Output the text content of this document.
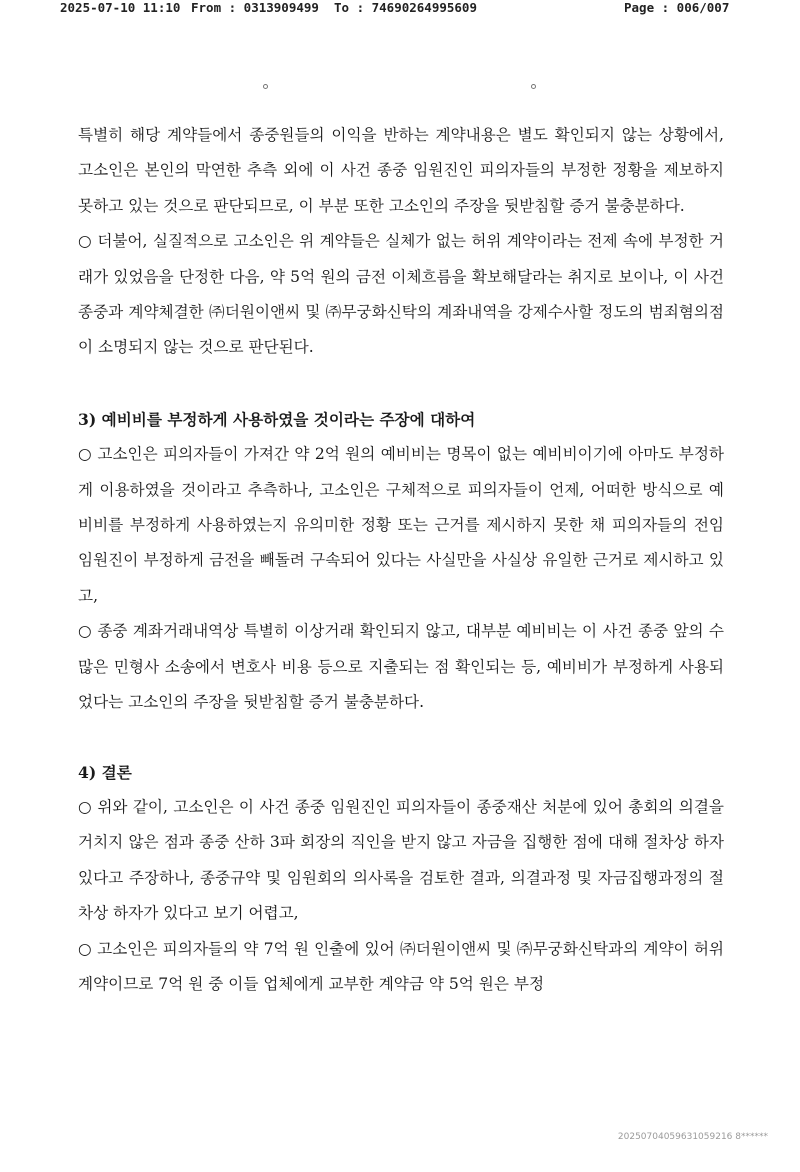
2025-07-10 11:10 From : 0313909499 To : 74690264995609	Page : 006/007

특별히 해당 계약들에서 종중원들의 이익을 반하는 계약내용은 별도 확인되지 않는 상황에서, 고소인은 본인의 막연한 추측 외에 이 사건 종중 임원진인 피의자들의 부정한 정황을 제보하지 못하고 있는 것으로 판단되므로, 이 부분 또한 고소인의 주장을 뒷받침할 증거 불충분하다.

○ 더불어, 실질적으로 고소인은 위 계약들은 실체가 없는 허위 계약이라는 전제 속에 부정한 거래가 있었음을 단정한 다음, 약 5억 원의 금전 이체흐름을 확보해달라는 취지로 보이나, 이 사건 종중과 계약체결한 ㈜더원이앤씨 및 ㈜무궁화신탁의 계좌내역을 강제수사할 정도의 범죄혐의점이 소명되지 않는 것으로 판단된다.

3) 예비비를 부정하게 사용하였을 것이라는 주장에 대하여

○ 고소인은 피의자들이 가져간 약 2억 원의 예비비는 명목이 없는 예비비이기에 아마도 부정하게 이용하였을 것이라고 추측하나, 고소인은 구체적으로 피의자들이 언제, 어떠한 방식으로 예비비를 부정하게 사용하였는지 유의미한 정황 또는 근거를 제시하지 못한 채 피의자들의 전임 임원진이 부정하게 금전을 빼돌려 구속되어 있다는 사실만을 사실상 유일한 근거로 제시하고 있고,

○ 종중 계좌거래내역상 특별히 이상거래 확인되지 않고, 대부분 예비비는 이 사건 종중 앞의 수많은 민형사 소송에서 변호사 비용 등으로 지출되는 점 확인되는 등, 예비비가 부정하게 사용되었다는 고소인의 주장을 뒷받침할 증거 불충분하다.

4) 결론

○ 위와 같이, 고소인은 이 사건 종중 임원진인 피의자들이 종중재산 처분에 있어 총회의 의결을 거치지 않은 점과 종중 산하 3파 회장의 직인을 받지 않고 자금을 집행한 점에 대해 절차상 하자 있다고 주장하나, 종중규약 및 임원회의 의사록을 검토한 결과, 의결과정 및 자금집행과정의 절차상 하자가 있다고 보기 어렵고,

○ 고소인은 피의자들의 약 7억 원 인출에 있어 ㈜더원이앤씨 및 ㈜무궁화신탁과의 계약이 허위 계약이므로 7억 원 중 이들 업체에게 교부한 계약금 약 5억 원은 부정

20250704059631059216 8******
